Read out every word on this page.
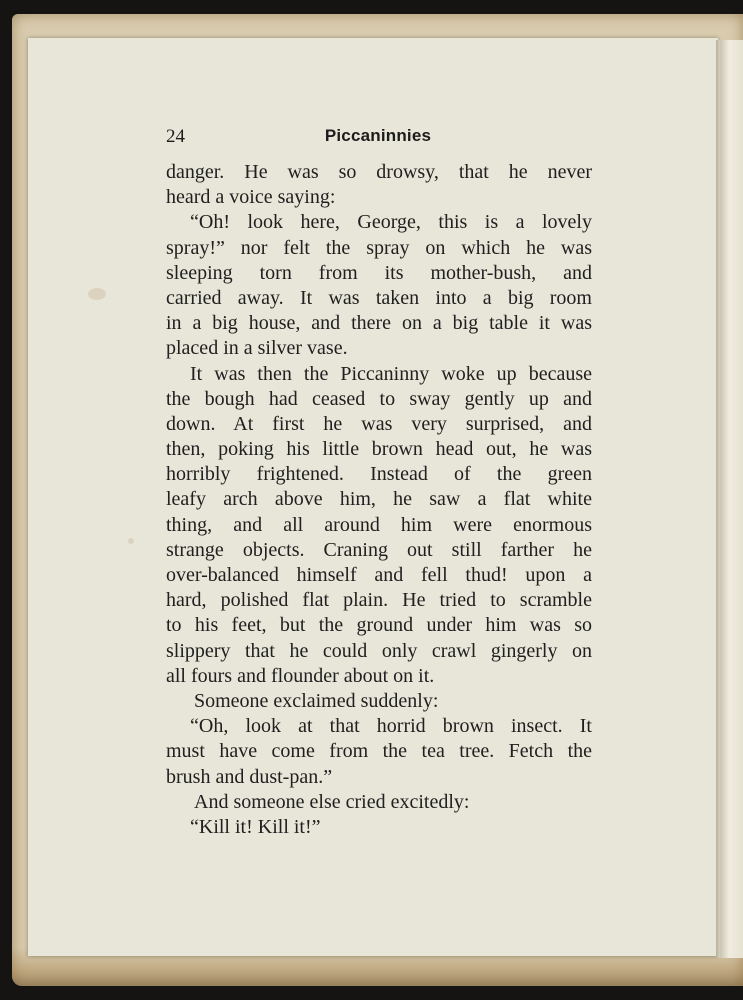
24	Piccaninnies
danger. He was so drowsy, that he never
heard a voice saying:
“Oh! look here, George, this is a lovely
spray!” nor felt the spray on which he was
sleeping torn from its mother-bush, and
carried away. It was taken into a big room
in a big house, and there on a big table it was
placed in a silver vase.
It was then the Piccaninny woke up because
the bough had ceased to sway gently up and
down. At first he was very surprised, and
then, poking his little brown head out, he was
horribly frightened. Instead of the green
leafy arch above him, he saw a flat white
thing, and all around him were enormous
strange objects. Craning out still farther he
over-balanced himself and fell thud! upon a
hard, polished flat plain. He tried to scramble
to his feet, but the ground under him was so
slippery that he could only crawl gingerly on
all fours and flounder about on it.
Someone exclaimed suddenly:
“Oh, look at that horrid brown insect. It
must have come from the tea tree. Fetch the
brush and dust-pan.”
And someone else cried excitedly:
“Kill it! Kill it!”
